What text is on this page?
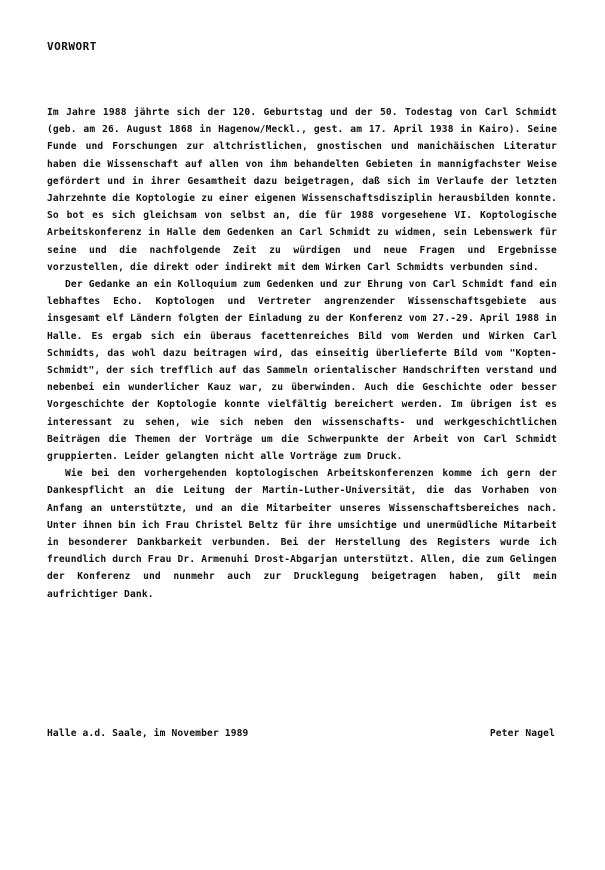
VORWORT

Im Jahre 1988 jährte sich der 120. Geburtstag und der 50. Todestag von Carl Schmidt (geb. am 26. August 1868 in Hagenow/Meckl., gest. am 17. April 1938 in Kairo). Seine Funde und Forschungen zur altchristlichen, gnostischen und manichäischen Literatur haben die Wissenschaft auf allen von ihm behandelten Gebieten in mannigfachster Weise gefördert und in ihrer Gesamtheit dazu beigetragen, daß sich im Verlaufe der letzten Jahrzehnte die Koptologie zu einer eigenen Wissenschaftsdisziplin herausbilden konnte. So bot es sich gleichsam von selbst an, die für 1988 vorgesehene VI. Koptologische Arbeitskonferenz in Halle dem Gedenken an Carl Schmidt zu widmen, sein Lebenswerk für seine und die nachfolgende Zeit zu würdigen und neue Fragen und Ergebnisse vorzustellen, die direkt oder indirekt mit dem Wirken Carl Schmidts verbunden sind.

Der Gedanke an ein Kolloquium zum Gedenken und zur Ehrung von Carl Schmidt fand ein lebhaftes Echo. Koptologen und Vertreter angrenzender Wissenschaftsgebiete aus insgesamt elf Ländern folgten der Einladung zu der Konferenz vom 27.-29. April 1988 in Halle. Es ergab sich ein überaus facettenreiches Bild vom Werden und Wirken Carl Schmidts, das wohl dazu beitragen wird, das einseitig überlieferte Bild vom "Kopten-Schmidt", der sich trefflich auf das Sammeln orientalischer Handschriften verstand und nebenbei ein wunderlicher Kauz war, zu überwinden. Auch die Geschichte oder besser Vorgeschichte der Koptologie konnte vielfältig bereichert werden. Im übrigen ist es interessant zu sehen, wie sich neben den wissenschafts- und werkgeschichtlichen Beiträgen die Themen der Vorträge um die Schwerpunkte der Arbeit von Carl Schmidt gruppierten. Leider gelangten nicht alle Vorträge zum Druck.

Wie bei den vorhergehenden koptologischen Arbeitskonferenzen komme ich gern der Dankespflicht an die Leitung der Martin-Luther-Universität, die das Vorhaben von Anfang an unterstützte, und an die Mitarbeiter unseres Wissenschaftsbereiches nach. Unter ihnen bin ich Frau Christel Beltz für ihre umsichtige und unermüdliche Mitarbeit in besonderer Dankbarkeit verbunden. Bei der Herstellung des Registers wurde ich freundlich durch Frau Dr. Armenuhi Drost-Abgarjan unterstützt. Allen, die zum Gelingen der Konferenz und nunmehr auch zur Drucklegung beigetragen haben, gilt mein aufrichtiger Dank.

Halle a.d. Saale, im November 1989	Peter Nagel
